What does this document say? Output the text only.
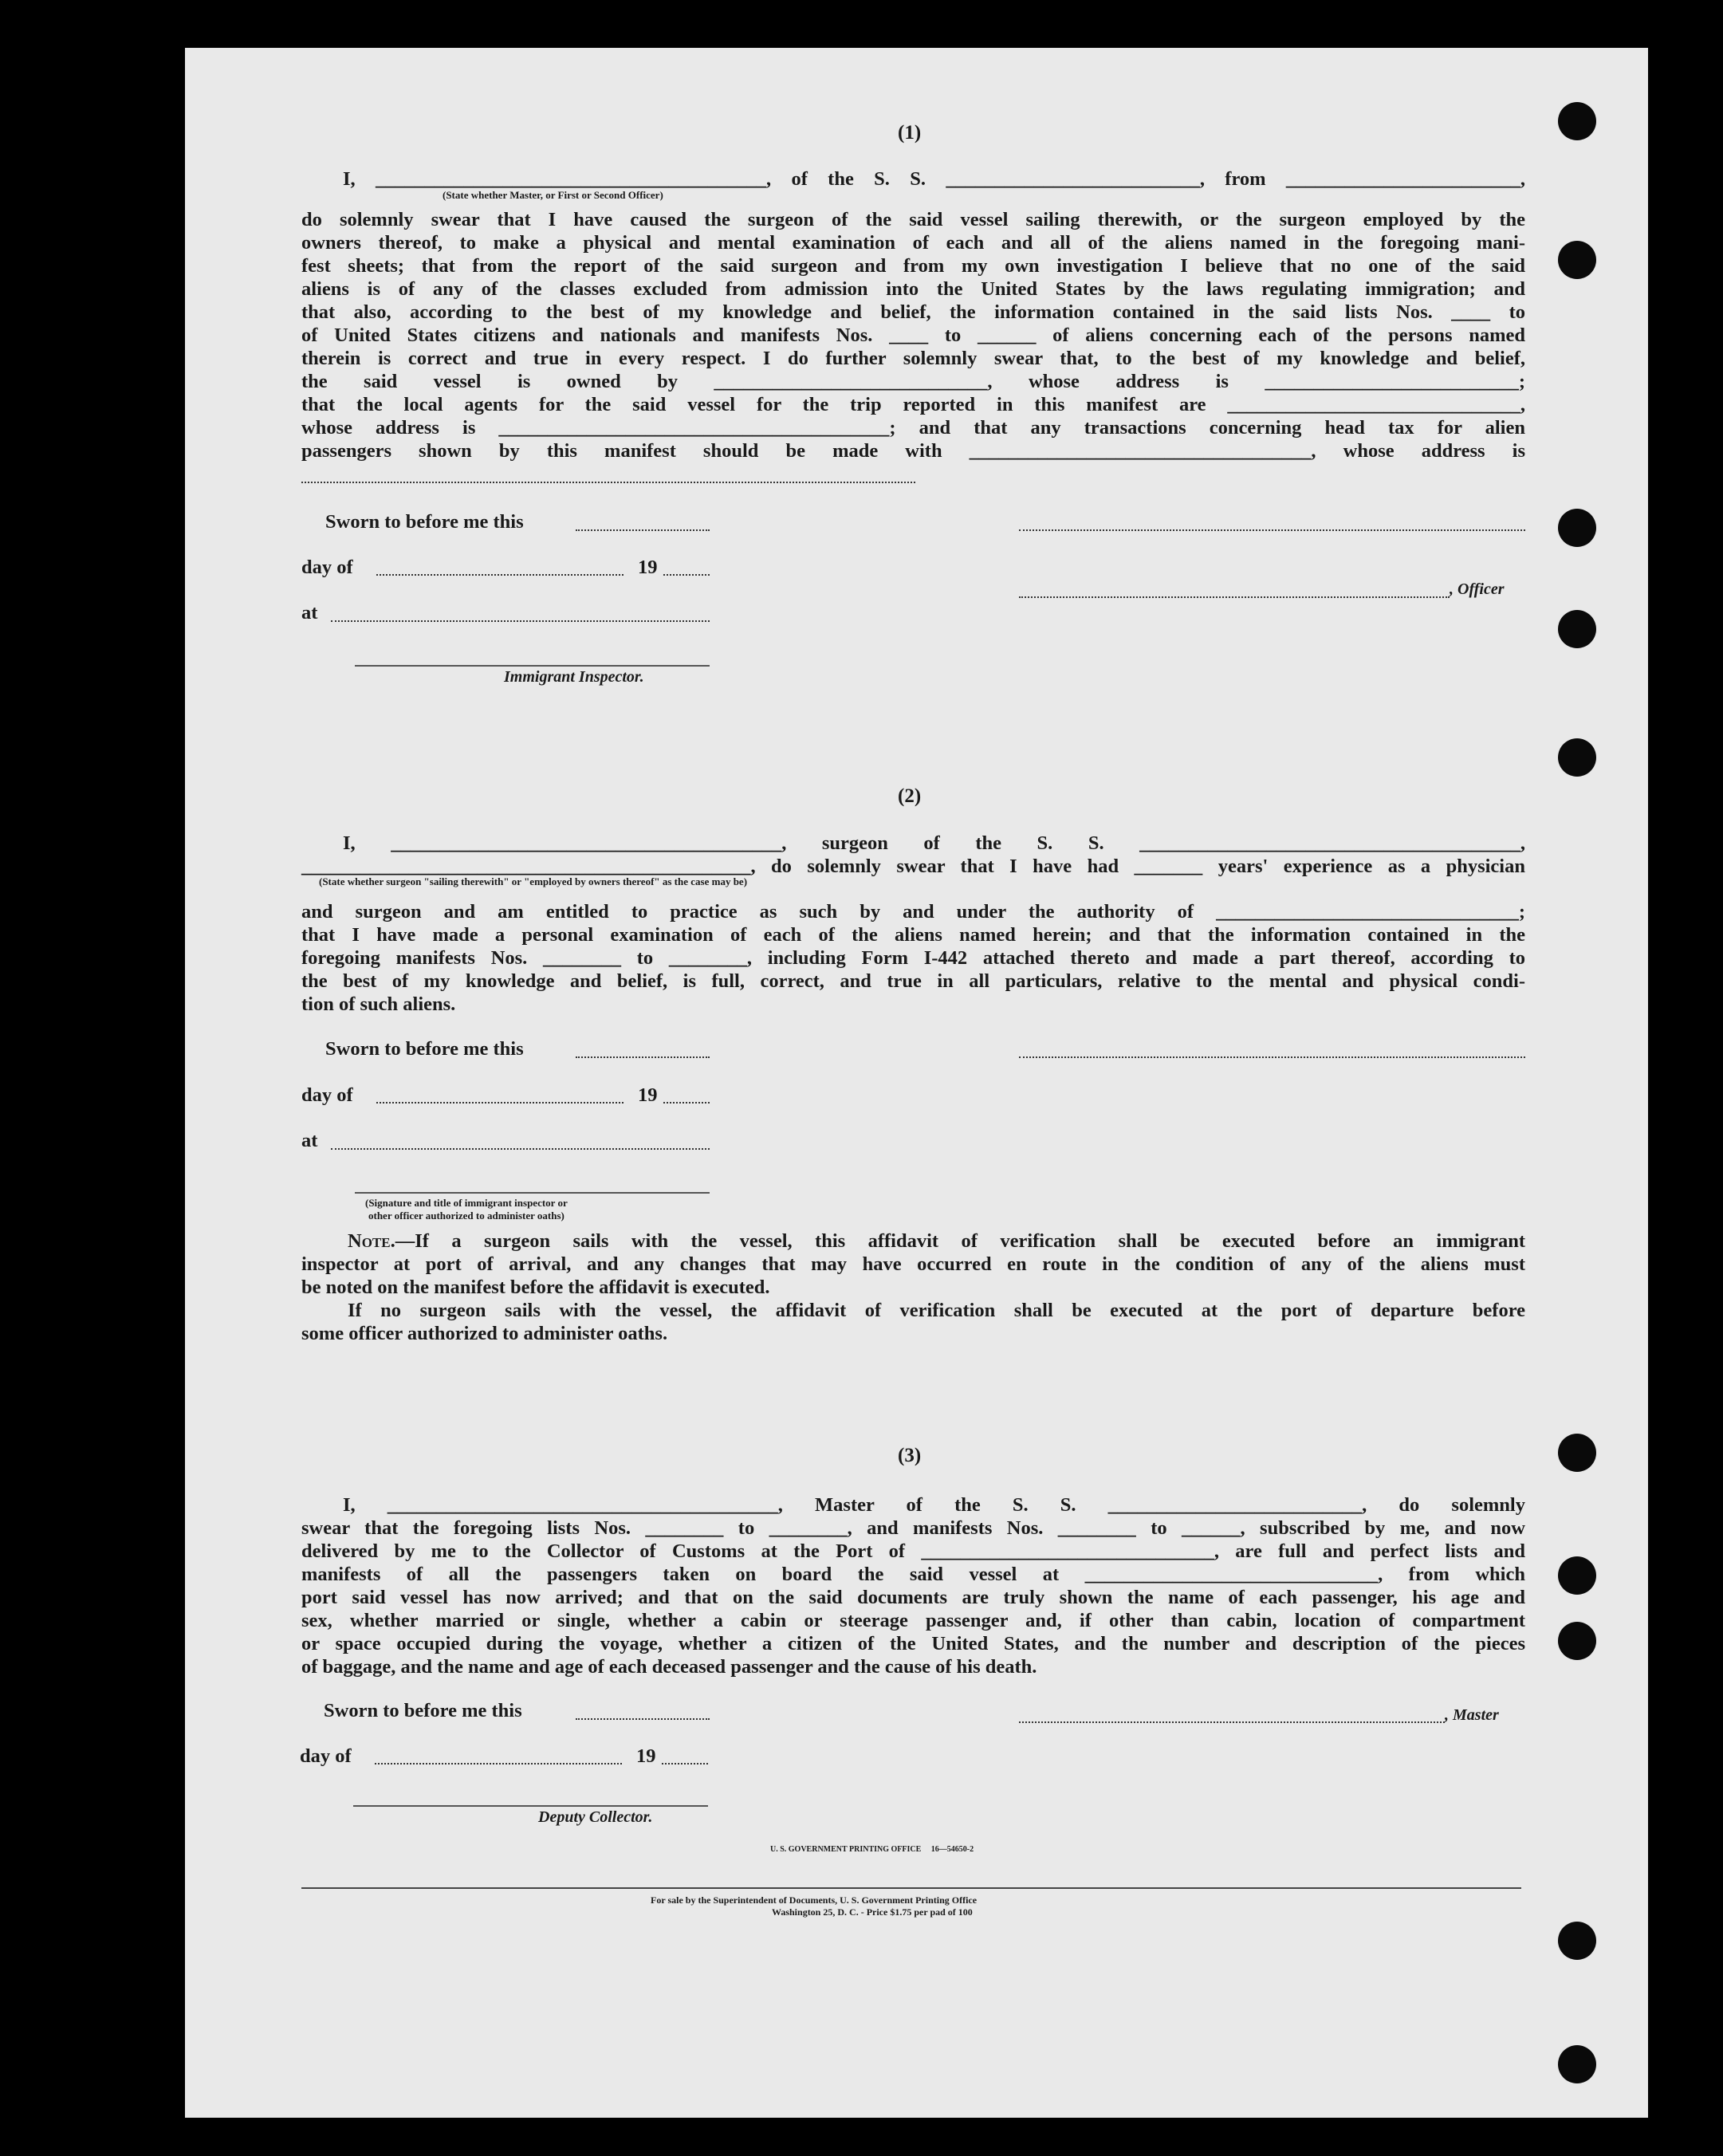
(1)
I, ________________________________________, of the S. S. __________________________, from ________________________,
(State whether Master, or First or Second Officer)
do solemnly swear that I have caused the surgeon of the said vessel sailing therewith, or the surgeon employed by the
owners thereof, to make a physical and mental examination of each and all of the aliens named in the foregoing mani-
fest sheets; that from the report of the said surgeon and from my own investigation I believe that no one of the said
aliens is of any of the classes excluded from admission into the United States by the laws regulating immigration; and
that also, according to the best of my knowledge and belief, the information contained in the said lists Nos. ____ to
of United States citizens and nationals and manifests Nos. ____ to ______ of aliens concerning each of the persons named
therein is correct and true in every respect. I do further solemnly swear that, to the best of my knowledge and belief,
the said vessel is owned by ____________________________, whose address is __________________________;
that the local agents for the said vessel for the trip reported in this manifest are ______________________________,
whose address is ________________________________________; and that any transactions concerning head tax for alien
passengers shown by this manifest should be made with ___________________________________, whose address is
Sworn to before me this
day of	19
, Officer
at
Immigrant Inspector.
(2)
I, ________________________________________, surgeon of the S. S. _______________________________________,
______________________________________________, do solemnly swear that I have had _______ years' experience as a physician
(State whether surgeon "sailing therewith" or "employed by owners thereof" as the case may be)
and surgeon and am entitled to practice as such by and under the authority of _______________________________;
that I have made a personal examination of each of the aliens named herein; and that the information contained in the
foregoing manifests Nos. ________ to ________, including Form I-442 attached thereto and made a part thereof, according to
the best of my knowledge and belief, is full, correct, and true in all particulars, relative to the mental and physical condi-
tion of such aliens.
Sworn to before me this
day of	19
at
(Signature and title of immigrant inspector or
other officer authorized to administer oaths)
Note.—If a surgeon sails with the vessel, this affidavit of verification shall be executed before an immigrant
inspector at port of arrival, and any changes that may have occurred en route in the condition of any of the aliens must
be noted on the manifest before the affidavit is executed.
If no surgeon sails with the vessel, the affidavit of verification shall be executed at the port of departure before
some officer authorized to administer oaths.
(3)
I, ________________________________________, Master of the S. S. __________________________, do solemnly
swear that the foregoing lists Nos. ________ to ________, and manifests Nos. ________ to ______, subscribed by me, and now
delivered by me to the Collector of Customs at the Port of ______________________________, are full and perfect lists and
manifests of all the passengers taken on board the said vessel at ______________________________, from which
port said vessel has now arrived; and that on the said documents are truly shown the name of each passenger, his age and
sex, whether married or single, whether a cabin or steerage passenger and, if other than cabin, location of compartment
or space occupied during the voyage, whether a citizen of the United States, and the number and description of the pieces
of baggage, and the name and age of each deceased passenger and the cause of his death.
Sworn to before me this	, Master
day of	19
Deputy Collector.
U. S. GOVERNMENT PRINTING OFFICE     16—54650-2
For sale by the Superintendent of Documents, U. S. Government Printing Office
Washington 25, D. C. - Price $1.75 per pad of 100
